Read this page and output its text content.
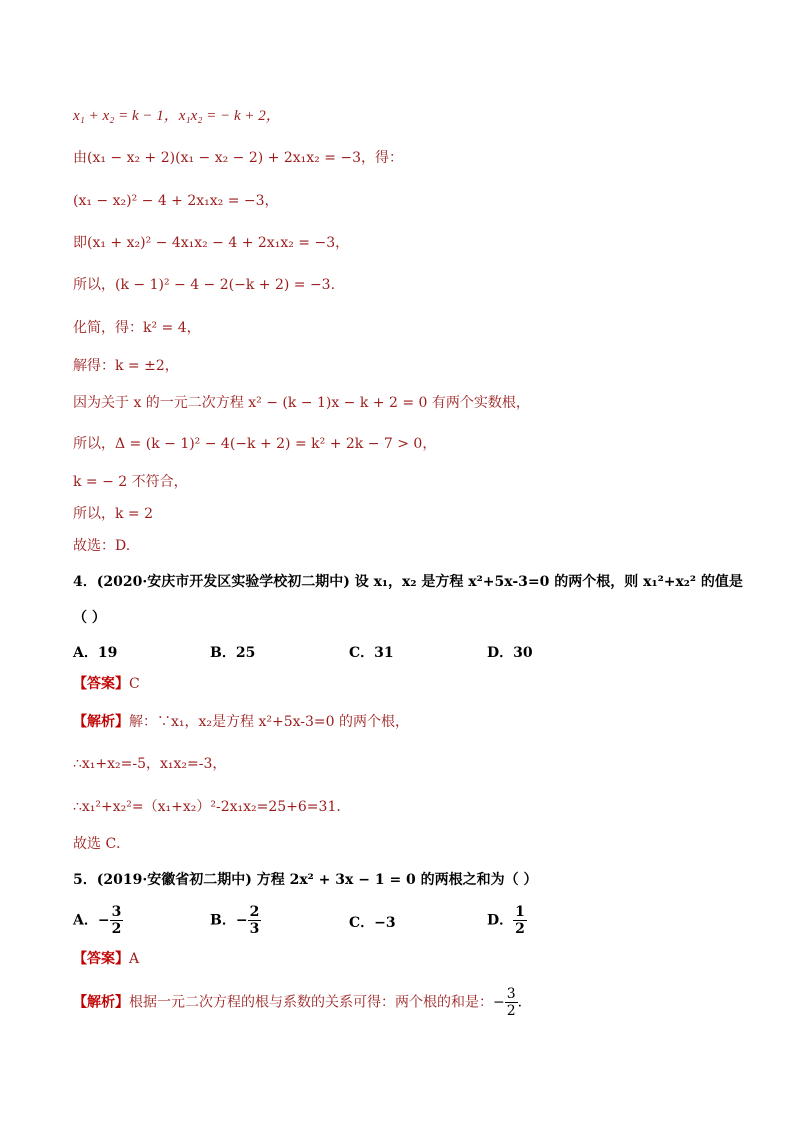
x₁ + x₂ = k − 1，x₁x₂ = − k + 2，
由(x₁ − x₂ + 2)(x₁ − x₂ − 2) + 2x₁x₂ = −3，得：
(x₁ − x₂)² − 4 + 2x₁x₂ = −3，
即(x₁ + x₂)² − 4x₁x₂ − 4 + 2x₁x₂ = −3，
所以，(k − 1)² − 4 − 2(−k + 2) = −3.
化简，得：k² = 4，
解得：k = ±2，
因为关于 x 的一元二次方程 x² − (k − 1)x − k + 2 = 0 有两个实数根，
所以，Δ = (k − 1)² − 4(−k + 2) = k² + 2k − 7 > 0，
k = − 2 不符合，
所以，k = 2
故选：D.
4．(2020·安庆市开发区实验学校初二期中) 设 x₁，x₂ 是方程 x²+5x-3=0 的两个根，则 x₁²+x₂² 的值是
（ ）
A．19	B．25	C．31	D．30
【答案】C
【解析】解：∵x₁，x₂是方程 x²+5x-3=0 的两个根，
∴x₁+x₂=-5，x₁x₂=-3，
∴x₁²+x₂²=（x₁+x₂）²-2x₁x₂=25+6=31．
故选 C．
5．(2019·安徽省初二期中) 方程 2x² + 3x − 1 = 0 的两根之和为（ ）
A．− $\frac{3}{2}$	B．− $\frac{2}{3}$	C．−3	D． $\frac{1}{2}$
【答案】A
【解析】根据一元二次方程的根与系数的关系可得：两个根的和是：− $\frac{3}{2}$ ．
